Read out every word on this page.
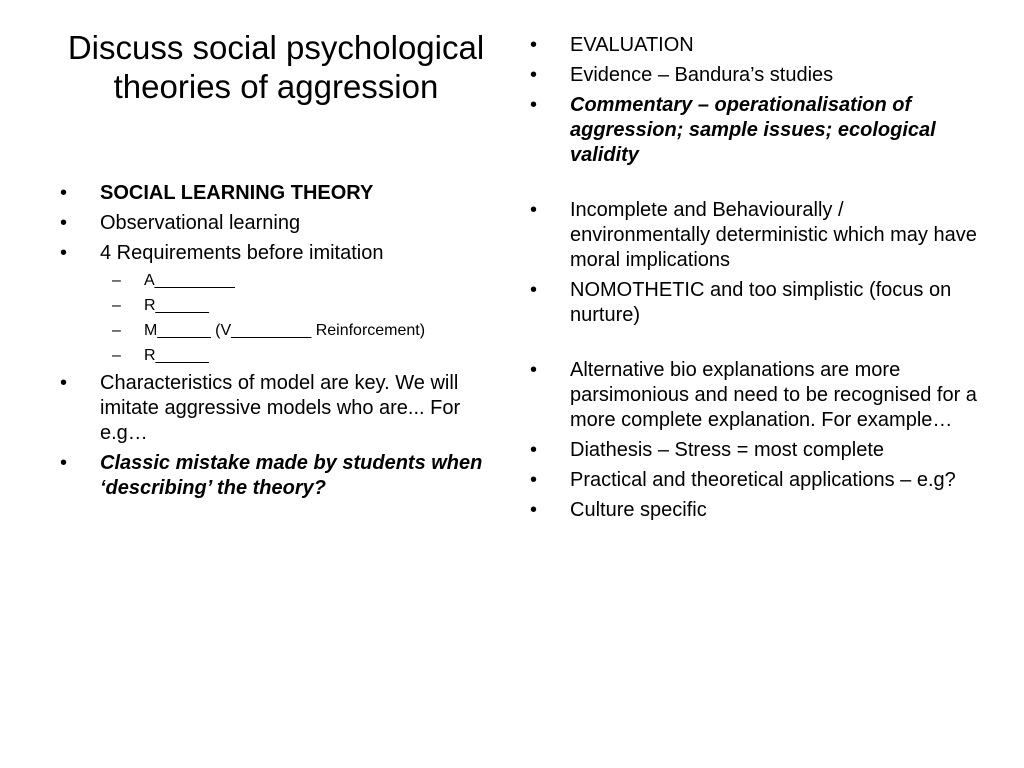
Discuss social psychological theories of aggression
•	SOCIAL LEARNING THEORY
•	Observational learning
•	4 Requirements before imitation
– A_________
– R______
– M______ (V_________ Reinforcement)
– R______
•	Characteristics of model are key. We will imitate aggressive models who are... For e.g…
•	Classic mistake made by students when ‘describing’ the theory?
•	EVALUATION
•	Evidence – Bandura’s studies
•	Commentary – operationalisation of aggression; sample issues; ecological validity
•	Incomplete and Behaviourally / environmentally deterministic which may have moral implications
•	NOMOTHETIC and too simplistic (focus on nurture)
•	Alternative bio explanations are more parsimonious and need to be recognised for a more complete explanation. For example…
•	Diathesis – Stress = most complete
•	Practical and theoretical applications – e.g?
•	Culture specific
